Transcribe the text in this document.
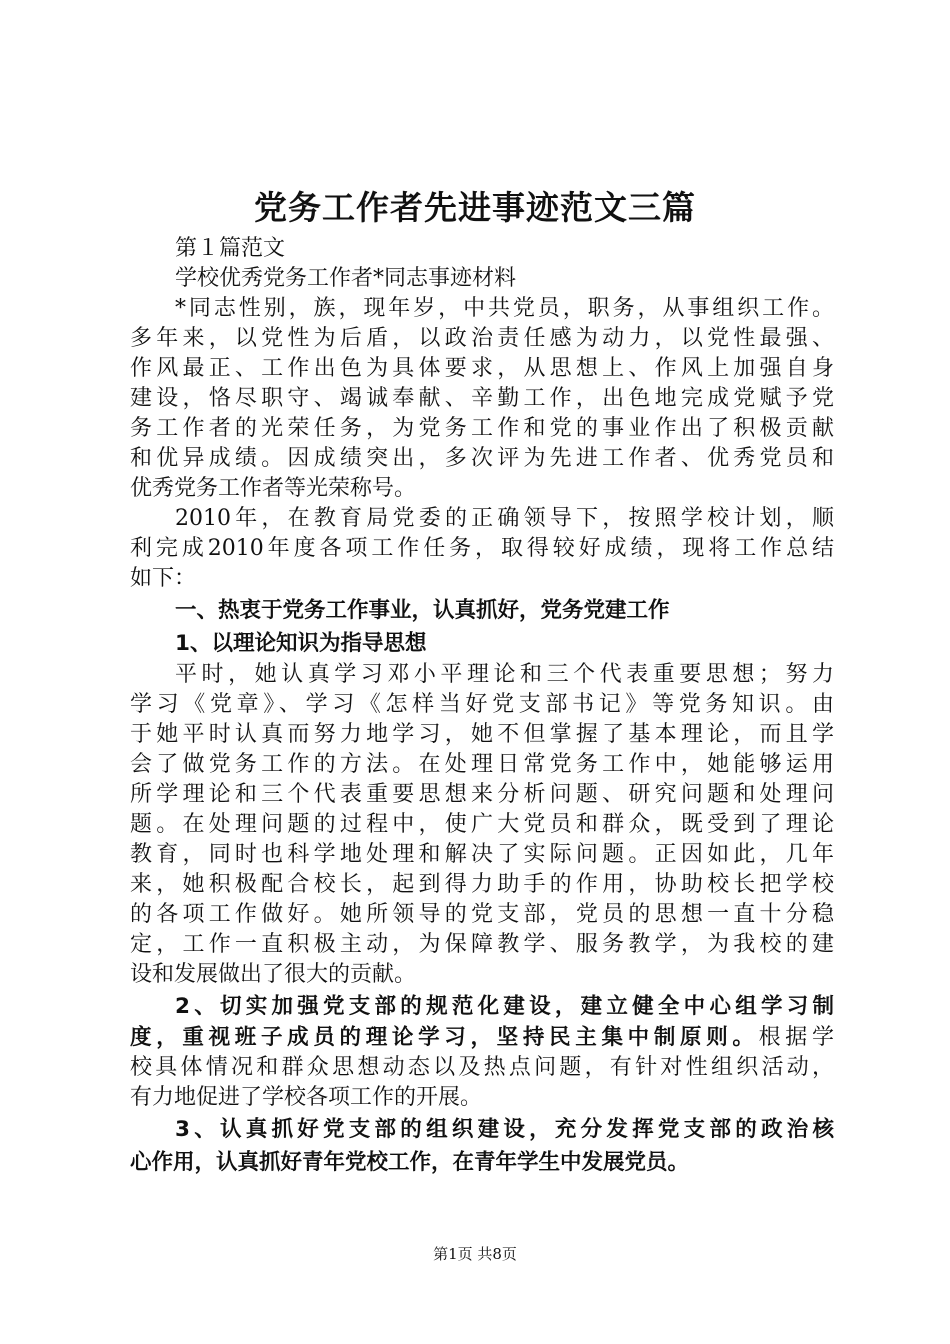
党务工作者先进事迹范文三篇
第１篇范文
学校优秀党务工作者*同志事迹材料
*同志性别，族，现年岁，中共党员，职务，从事组织工作。
多年来，以党性为后盾，以政治责任感为动力，以党性最强、
作风最正、工作出色为具体要求，从思想上、作风上加强自身
建设，恪尽职守、竭诚奉献、辛勤工作，出色地完成党赋予党
务工作者的光荣任务，为党务工作和党的事业作出了积极贡献
和优异成绩。因成绩突出，多次评为先进工作者、优秀党员和
优秀党务工作者等光荣称号。
2010年，在教育局党委的正确领导下，按照学校计划，顺
利完成2010年度各项工作任务，取得较好成绩，现将工作总结
如下：
一、热衷于党务工作事业，认真抓好，党务党建工作
1、以理论知识为指导思想
平时，她认真学习邓小平理论和三个代表重要思想；努力
学习《党章》、学习《怎样当好党支部书记》等党务知识。由
于她平时认真而努力地学习，她不但掌握了基本理论，而且学
会了做党务工作的方法。在处理日常党务工作中，她能够运用
所学理论和三个代表重要思想来分析问题、研究问题和处理问
题。在处理问题的过程中，使广大党员和群众，既受到了理论
教育，同时也科学地处理和解决了实际问题。正因如此，几年
来，她积极配合校长，起到得力助手的作用，协助校长把学校
的各项工作做好。她所领导的党支部，党员的思想一直十分稳
定，工作一直积极主动，为保障教学、服务教学，为我校的建
设和发展做出了很大的贡献。
2、切实加强党支部的规范化建设，建立健全中心组学习制
度，重视班子成员的理论学习，坚持民主集中制原则。根据学
校具体情况和群众思想动态以及热点问题，有针对性组织活动，
有力地促进了学校各项工作的开展。
3、认真抓好党支部的组织建设，充分发挥党支部的政治核
心作用，认真抓好青年党校工作，在青年学生中发展党员。
第1页 共8页
